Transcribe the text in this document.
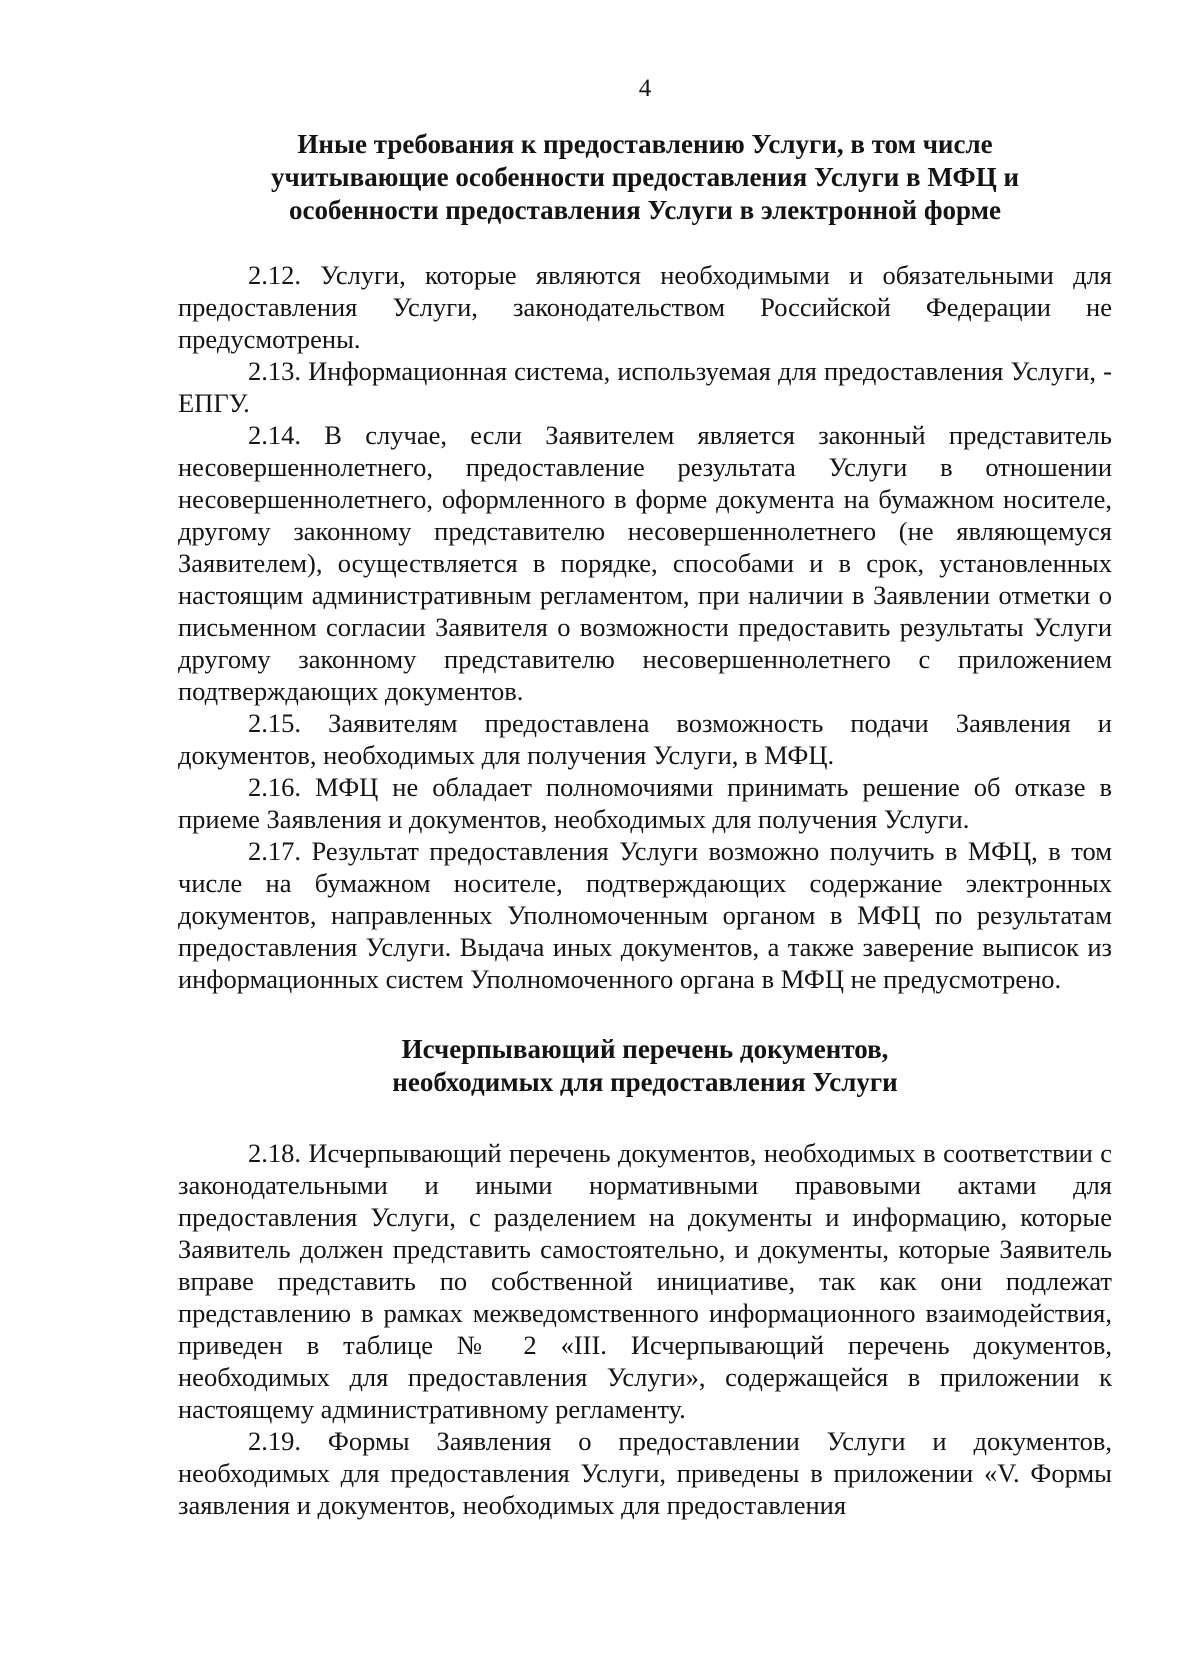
4
Иные требования к предоставлению Услуги, в том числе
учитывающие особенности предоставления Услуги в МФЦ и
особенности предоставления Услуги в электронной форме

2.12. Услуги, которые являются необходимыми и обязательными для предоставления Услуги, законодательством Российской Федерации не предусмотрены.

2.13. Информационная система, используемая для предоставления Услуги, - ЕПГУ.

2.14. В случае, если Заявителем является законный представитель несовершеннолетнего, предоставление результата Услуги в отношении несовершеннолетнего, оформленного в форме документа на бумажном носителе, другому законному представителю несовершеннолетнего (не являющемуся Заявителем), осуществляется в порядке, способами и в срок, установленных настоящим административным регламентом, при наличии в Заявлении отметки о письменном согласии Заявителя о возможности предоставить результаты Услуги другому законному представителю несовершеннолетнего с приложением подтверждающих документов.

2.15. Заявителям предоставлена возможность подачи Заявления и документов, необходимых для получения Услуги, в МФЦ.

2.16. МФЦ не обладает полномочиями принимать решение об отказе в приеме Заявления и документов, необходимых для получения Услуги.

2.17. Результат предоставления Услуги возможно получить в МФЦ, в том числе на бумажном носителе, подтверждающих содержание электронных документов, направленных Уполномоченным органом в МФЦ по результатам предоставления Услуги. Выдача иных документов, а также заверение выписок из информационных систем Уполномоченного органа в МФЦ не предусмотрено.

Исчерпывающий перечень документов,
необходимых для предоставления Услуги

2.18. Исчерпывающий перечень документов, необходимых в соответствии с законодательными и иными нормативными правовыми актами для предоставления Услуги, с разделением на документы и информацию, которые Заявитель должен представить самостоятельно, и документы, которые Заявитель вправе представить по собственной инициативе, так как они подлежат представлению в рамках межведомственного информационного взаимодействия, приведен в таблице № 2 «III. Исчерпывающий перечень документов, необходимых для предоставления Услуги», содержащейся в приложении к настоящему административному регламенту.

2.19. Формы Заявления о предоставлении Услуги и документов, необходимых для предоставления Услуги, приведены в приложении «V. Формы заявления и документов, необходимых для предоставления
